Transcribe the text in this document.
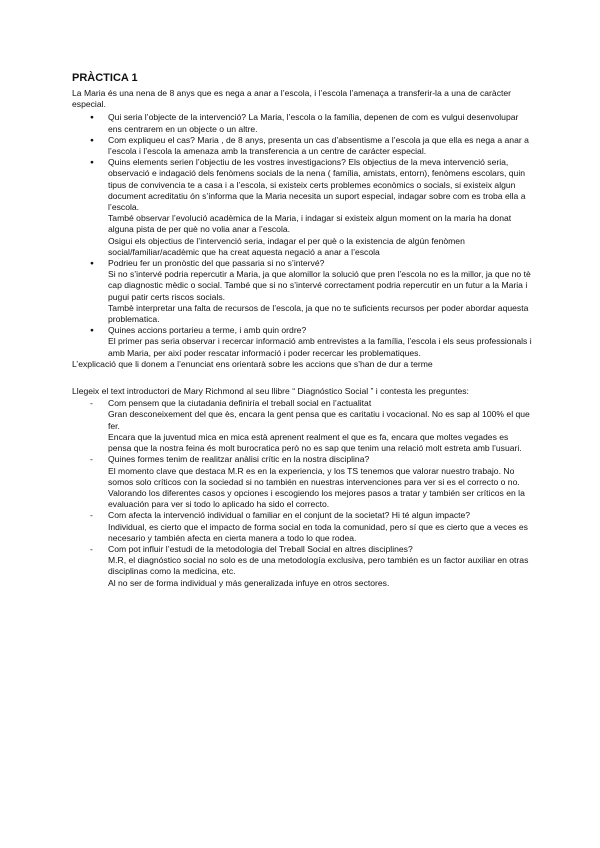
PRÀCTICA 1

La Maria és una nena de 8 anys que es nega a anar a l’escola, i l’escola l’amenaça a transferir-la a una de caràcter especial.

● Qui seria l’objecte de la intervenció? La Maria, l’escola o la família, depenen de com es vulgui desenvolupar ens centrarem en un objecte o un altre.
● Com expliqueu el cas? Maria , de 8 anys, presenta un cas d’absentisme a l’escola ja que ella es nega a anar a l’escola i l’escola la amenaza amb la transferencia a un centre de carácter especial.
● Quins elements serien l’objectiu de les vostres investigacions? Els objectius de la meva intervenció seria, observació e indagació dels fenòmens socials de la nena ( família, amistats, entorn), fenòmens escolars, quin tipus de convivencia te a casa i a l’escola, si existeix certs problemes econòmics o socials, si existeix algun document acreditatiu ón s’informa que la Maria necesita un suport especial, indagar sobre com es troba ella a l’escola.
També observar l’evolució acadèmica de la Maria, i indagar si existeix algun moment on la maria ha donat alguna pista de per què no volia anar a l’escola.
Osigui els objectius de l’intervenció seria, indagar el per què o la existencia de algún fenòmen social/familiar/acadèmic que ha creat aquesta negació a anar a l’escola
● Podrieu fer un pronòstic del que passaria si no s’intervé?
Si no s’intervé podria repercutir a Maria, ja que alomillor la solució que pren l’escola no es la millor, ja que no tè cap diagnostic mèdic o social. També que si no s’intervé correctament podria repercutir en un futur a la Maria i pugui patir certs riscos socials.
Tambè interpretar una falta de recursos de l’escola, ja que no te suficients recursos per poder abordar aquesta problematica.
● Quines accions portarieu a terme, i amb quin ordre?
El primer pas seria observar i recercar informació amb entrevistes a la família, l’escola i els seus professionals i amb Maria, per així poder rescatar informació i poder recercar les problematiques.

L’explicació que li donem a l’enunciat ens orientarà sobre les accions que s’han de dur a terme

Llegeix el text introductori de Mary Richmond al seu llibre “ Diagnóstico Social ” i contesta les preguntes:

- Com pensem que la ciutadania definiría el treball social en l’actualitat
Gran desconeixement del que ès, encara la gent pensa que es caritatiu i vocacional. No es sap al 100% el que fer.
Encara que la juventud mica en mica està aprenent realment el que es fa, encara que moltes vegades es pensa que la nostra feina és molt burocratica però no es sap que tenim una relació molt estreta amb l’usuari.
- Quines formes tenim de realitzar anàlisi crític en la nostra disciplina?
El momento clave que destaca M.R es en la experiencia, y los TS tenemos que valorar nuestro trabajo. No somos solo críticos con la sociedad si no también en nuestras intervenciones para ver si es el correcto o no.
Valorando los diferentes casos y opciones i escogiendo los mejores pasos a tratar y también ser críticos en la evaluación para ver si todo lo aplicado ha sido el correcto.
- Com afecta la intervenció individual o familiar en el conjunt de la societat? Hi té algun impacte?
Individual, es cierto que el impacto de forma social en toda la comunidad, pero sí que es cierto que a veces es necesario y también afecta en cierta manera a todo lo que rodea.
- Com pot influir l’estudi de la metodologia del Treball Social en altres disciplines?
M.R, el diagnóstico social no solo es de una metodología exclusiva, pero también es un factor auxiliar en otras disciplinas como la medicina, etc.
Al no ser de forma individual y más generalizada infuye en otros sectores.
